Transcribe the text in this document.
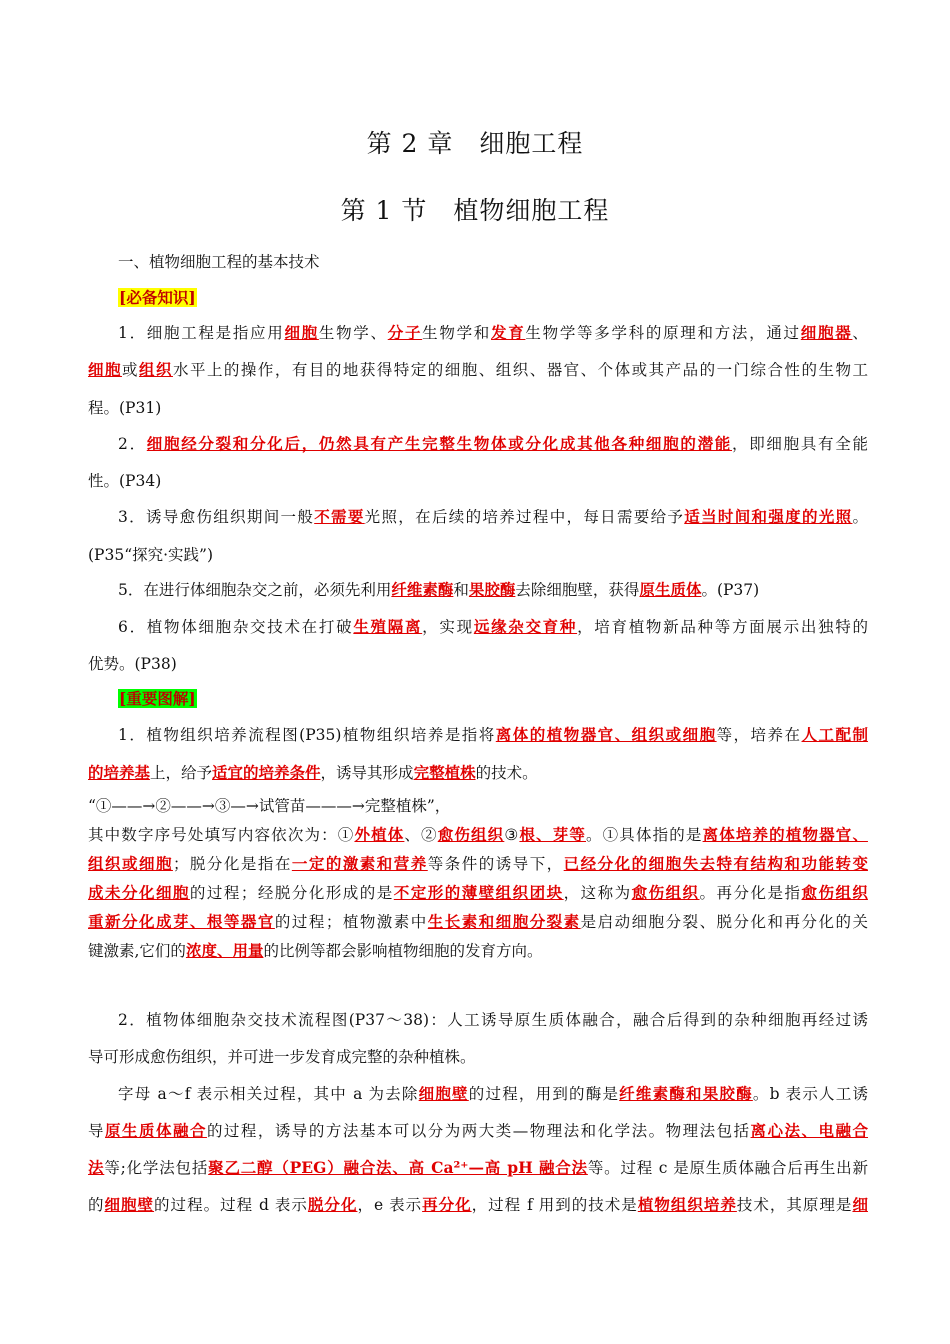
第 2 章　细胞工程
第 1 节　植物细胞工程
一、植物细胞工程的基本技术
[必备知识]
1．细胞工程是指应用细胞生物学、分子生物学和发育生物学等多学科的原理和方法，通过细胞器、
细胞或组织水平上的操作，有目的地获得特定的细胞、组织、器官、个体或其产品的一门综合性的生物工
程。(P31)
2．细胞经分裂和分化后，仍然具有产生完整生物体或分化成其他各种细胞的潜能，即细胞具有全能
性。(P34)
3．诱导愈伤组织期间一般不需要光照，在后续的培养过程中，每日需要给予适当时间和强度的光照。
(P35“探究·实践”)
5．在进行体细胞杂交之前，必须先利用纤维素酶和果胶酶去除细胞壁，获得原生质体。(P37)
6．植物体细胞杂交技术在打破生殖隔离，实现远缘杂交育种，培育植物新品种等方面展示出独特的
优势。(P38)
[重要图解]
1．植物组织培养流程图(P35)植物组织培养是指将离体的植物器官、组织或细胞等，培养在人工配制
的培养基上，给予适宜的培养条件，诱导其形成完整植株的技术。
“①——→②——→③—→试管苗———→完整植株”，
其中数字序号处填写内容依次为：①外植体、②愈伤组织③根、芽等。①具体指的是离体培养的植物器官、
组织或细胞；脱分化是指在一定的激素和营养等条件的诱导下，已经分化的细胞失去特有结构和功能转变
成未分化细胞的过程；经脱分化形成的是不定形的薄壁组织团块，这称为愈伤组织。再分化是指愈伤组织
重新分化成芽、根等器官的过程；植物激素中生长素和细胞分裂素是启动细胞分裂、脱分化和再分化的关
键激素,它们的浓度、用量的比例等都会影响植物细胞的发育方向。
2．植物体细胞杂交技术流程图(P37～38)：人工诱导原生质体融合，融合后得到的杂种细胞再经过诱
导可形成愈伤组织，并可进一步发育成完整的杂种植株。
字母 a～f 表示相关过程，其中 a 为去除细胞壁的过程，用到的酶是纤维素酶和果胶酶。b 表示人工诱
导原生质体融合的过程，诱导的方法基本可以分为两大类—物理法和化学法。物理法包括离心法、电融合
法等;化学法包括聚乙二醇（PEG）融合法、高 Ca²⁺—高 pH 融合法等。过程 c 是原生质体融合后再生出新
的细胞壁的过程。过程 d 表示脱分化，e 表示再分化，过程 f 用到的技术是植物组织培养技术，其原理是细
